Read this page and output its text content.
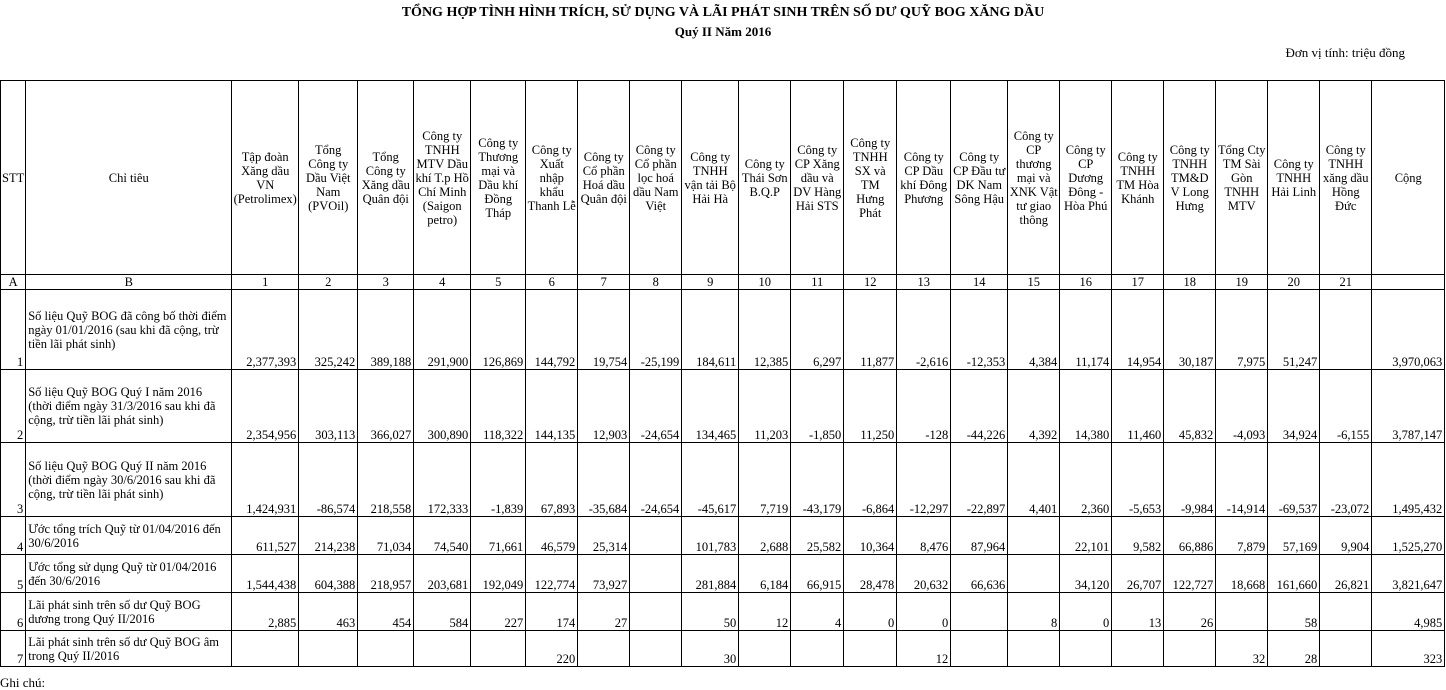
TỔNG HỢP TÌNH HÌNH TRÍCH, SỬ DỤNG VÀ LÃI PHÁT SINH TRÊN SỐ DƯ QUỸ BOG XĂNG DẦU
Quý II Năm 2016
Đơn vị tính: triệu đồng
STT	Chỉ tiêu	Tập đoàn Xăng dầu VN (Petrolimex)	Tổng Công ty Dầu Việt Nam (PVOil)	Tổng Công ty Xăng dầu Quân đội	Công ty TNHH MTV Dầu khí T.p Hồ Chí Minh (Saigon petro)	Công ty Thương mại và Dầu khí Đồng Tháp	Công ty Xuất nhập khẩu Thanh Lễ	Công ty Cổ phần Hoá dầu Quân đội	Công ty Cổ phần lọc hoá dầu Nam Việt	Công ty TNHH vận tải Bộ Hải Hà	Công ty Thái Sơn B.Q.P	Công ty CP Xăng dầu và DV Hàng Hải STS	Công ty TNHH SX và TM Hưng Phát	Công ty CP Dầu khí Đông Phương	Công ty CP Đầu tư DK Nam Sông Hậu	Công ty CP thương mại và XNK Vật tư giao thông	Công ty CP Dương Đông - Hòa Phú	Công ty TNHH TM Hòa Khánh	Công ty TNHH TM&D V Long Hưng	Tổng Cty TM Sài Gòn TNHH MTV	Công ty TNHH Hải Linh	Công ty TNHH xăng dầu Hồng Đức	Cộng
A	B	1	2	3	4	5	6	7	8	9	10	11	12	13	14	15	16	17	18	19	20	21	
1	Số liệu Quỹ BOG đã công bố thời điểm ngày 01/01/2016 (sau khi đã cộng, trừ tiền lãi phát sinh)	2,377,393	325,242	389,188	291,900	126,869	144,792	19,754	-25,199	184,611	12,385	6,297	11,877	-2,616	-12,353	4,384	11,174	14,954	30,187	7,975	51,247		3,970,063
2	Số liệu Quỹ BOG Quý I năm 2016 (thời điểm ngày 31/3/2016 sau khi đã cộng, trừ tiền lãi phát sinh)	2,354,956	303,113	366,027	300,890	118,322	144,135	12,903	-24,654	134,465	11,203	-1,850	11,250	-128	-44,226	4,392	14,380	11,460	45,832	-4,093	34,924	-6,155	3,787,147
3	Số liệu Quỹ BOG Quý II năm 2016 (thời điểm ngày 30/6/2016 sau khi đã cộng, trừ tiền lãi phát sinh)	1,424,931	-86,574	218,558	172,333	-1,839	67,893	-35,684	-24,654	-45,617	7,719	-43,179	-6,864	-12,297	-22,897	4,401	2,360	-5,653	-9,984	-14,914	-69,537	-23,072	1,495,432
4	Ước tổng trích Quỹ từ 01/04/2016 đến 30/6/2016	611,527	214,238	71,034	74,540	71,661	46,579	25,314		101,783	2,688	25,582	10,364	8,476	87,964		22,101	9,582	66,886	7,879	57,169	9,904	1,525,270
5	Ước tổng sử dụng Quỹ từ 01/04/2016 đến 30/6/2016	1,544,438	604,388	218,957	203,681	192,049	122,774	73,927		281,884	6,184	66,915	28,478	20,632	66,636		34,120	26,707	122,727	18,668	161,660	26,821	3,821,647
6	Lãi phát sinh trên số dư Quỹ BOG dương trong Quý II/2016	2,885	463	454	584	227	174	27		50	12	4	0	0		8	0	13	26		58		4,985
7	Lãi phát sinh trên số dư Quỹ BOG âm trong Quý II/2016						220			30				12						32	28		323
Ghi chú:
